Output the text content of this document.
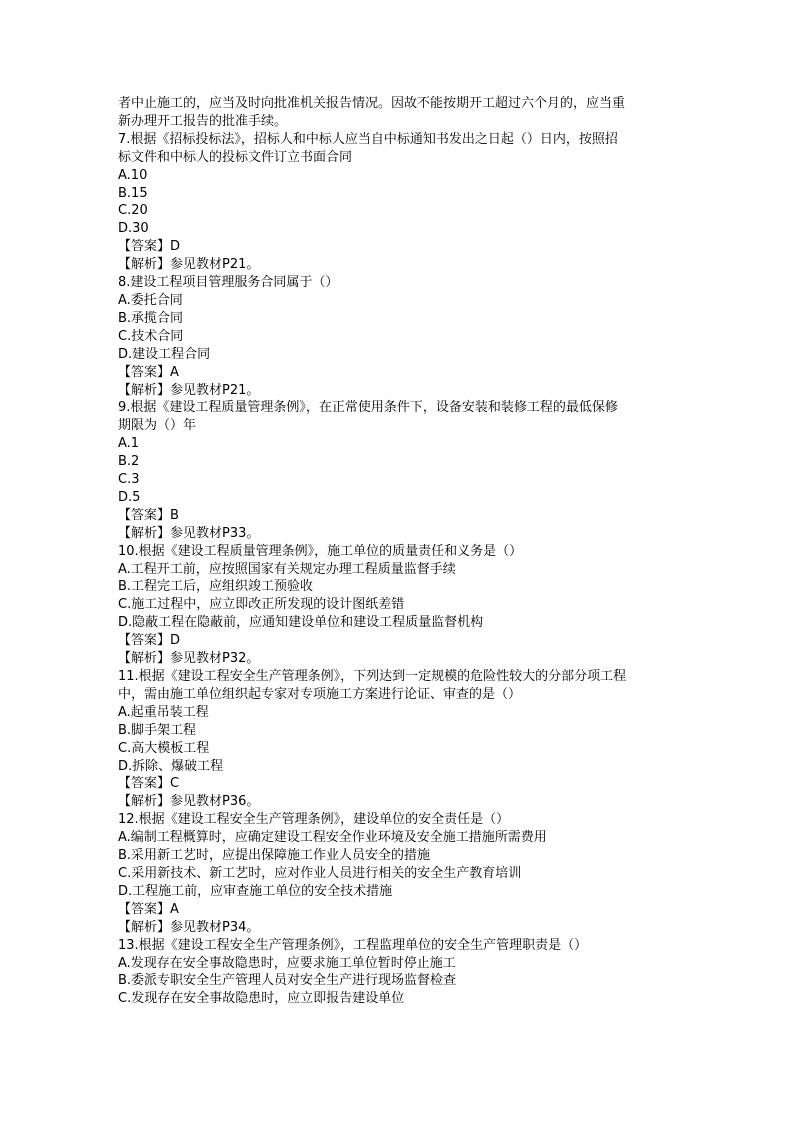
者中止施工的，应当及时向批准机关报告情况。因故不能按期开工超过六个月的，应当重

新办理开工报告的批准手续。

7.根据《招标投标法》，招标人和中标人应当自中标通知书发出之日起（）日内，按照招

标文件和中标人的投标文件订立书面合同

A.10

B.15

C.20

D.30

【答案】D

【解析】参见教材P21。

8.建设工程项目管理服务合同属于（）

A.委托合同

B.承揽合同

C.技术合同

D.建设工程合同

【答案】A

【解析】参见教材P21。

9.根据《建设工程质量管理条例》，在正常使用条件下，设备安装和装修工程的最低保修

期限为（）年

A.1

B.2

C.3

D.5

【答案】B

【解析】参见教材P33。

10.根据《建设工程质量管理条例》，施工单位的质量责任和义务是（）

A.工程开工前，应按照国家有关规定办理工程质量监督手续

B.工程完工后，应组织竣工预验收

C.施工过程中，应立即改正所发现的设计图纸差错

D.隐蔽工程在隐蔽前，应通知建设单位和建设工程质量监督机构

【答案】D

【解析】参见教材P32。

11.根据《建设工程安全生产管理条例》，下列达到一定规模的危险性较大的分部分项工程

中，需由施工单位组织起专家对专项施工方案进行论证、审查的是（）

A.起重吊装工程

B.脚手架工程

C.高大模板工程

D.拆除、爆破工程

【答案】C

【解析】参见教材P36。

12.根据《建设工程安全生产管理条例》，建设单位的安全责任是（）

A.编制工程概算时，应确定建设工程安全作业环境及安全施工措施所需费用

B.采用新工艺时，应提出保障施工作业人员安全的措施

C.采用新技术、新工艺时，应对作业人员进行相关的安全生产教育培训

D.工程施工前，应审查施工单位的安全技术措施

【答案】A

【解析】参见教材P34。

13.根据《建设工程安全生产管理条例》，工程监理单位的安全生产管理职责是（）

A.发现存在安全事故隐患时，应要求施工单位暂时停止施工

B.委派专职安全生产管理人员对安全生产进行现场监督检查

C.发现存在安全事故隐患时，应立即报告建设单位
